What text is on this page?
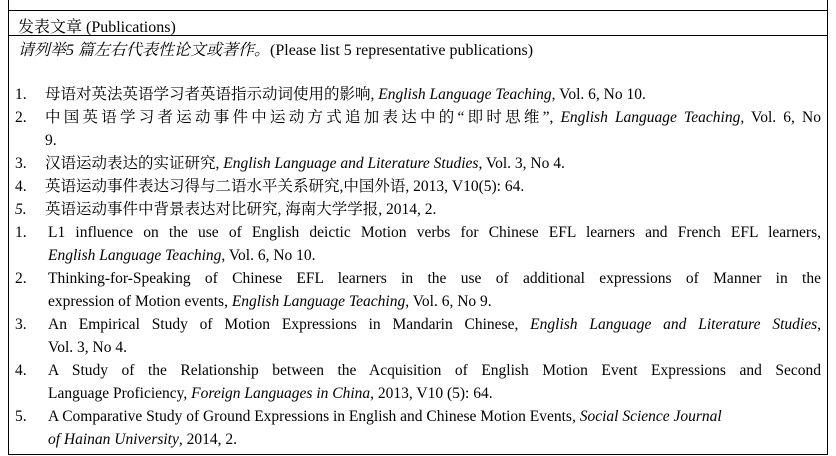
发表文章 (Publications)
请列举5 篇左右代表性论文或著作。(Please list 5 representative publications)
1.	母语对英法英语学习者英语指示动词使用的影响, English Language Teaching, Vol. 6, No 10.
2.	中国英语学习者运动事件中运动方式追加表达中的“即时思维”, English Language Teaching, Vol. 6, No
9.
3.	汉语运动表达的实证研究, English Language and Literature Studies, Vol. 3, No 4.
4.	英语运动事件表达习得与二语水平关系研究,中国外语, 2013, V10(5): 64.
5.	英语运动事件中背景表达对比研究, 海南大学学报, 2014, 2.
1.	L1 influence on the use of English deictic Motion verbs for Chinese EFL learners and French EFL learners,
English Language Teaching, Vol. 6, No 10.
2.	Thinking-for-Speaking of Chinese EFL learners in the use of additional expressions of Manner in the
expression of Motion events, English Language Teaching, Vol. 6, No 9.
3.	An Empirical Study of Motion Expressions in Mandarin Chinese, English Language and Literature Studies,
Vol. 3, No 4.
4.	A Study of the Relationship between the Acquisition of English Motion Event Expressions and Second
Language Proficiency, Foreign Languages in China, 2013, V10 (5): 64.
5.	A Comparative Study of Ground Expressions in English and Chinese Motion Events, Social Science Journal
of Hainan University, 2014, 2.
